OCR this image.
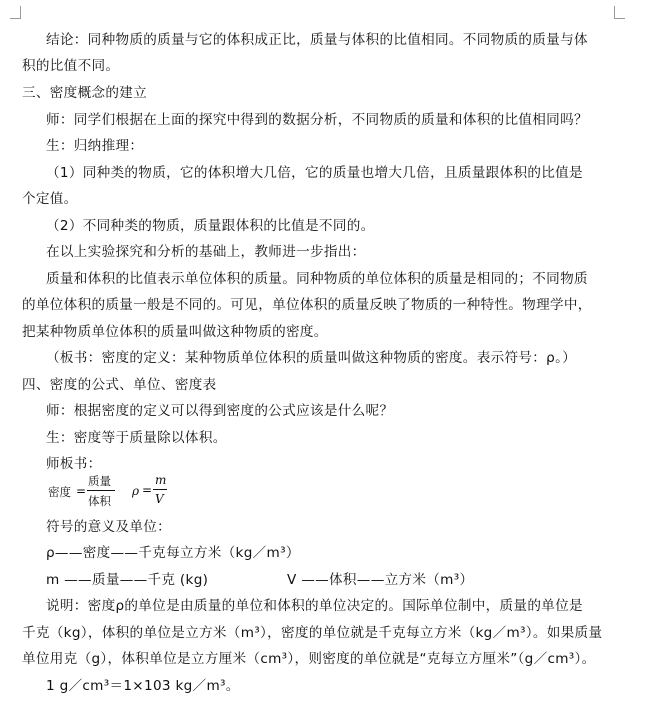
结论：同种物质的质量与它的体积成正比，质量与体积的比值相同。不同物质的质量与体
积的比值不同。
三、密度概念的建立
师：同学们根据在上面的探究中得到的数据分析，不同物质的质量和体积的比值相同吗？
生：归纳推理：
（1）同种类的物质，它的体积增大几倍，它的质量也增大几倍，且质量跟体积的比值是
个定值。
（2）不同种类的物质，质量跟体积的比值是不同的。
在以上实验探究和分析的基础上，教师进一步指出：
质量和体积的比值表示单位体积的质量。同种物质的单位体积的质量是相同的；不同物质
的单位体积的质量一般是不同的。可见，单位体积的质量反映了物质的一种特性。物理学中，
把某种物质单位体积的质量叫做这种物质的密度。
（板书：密度的定义：某种物质单位体积的质量叫做这种物质的密度。表示符号：ρ。）
四、密度的公式、单位、密度表
师：根据密度的定义可以得到密度的公式应该是什么呢？
生：密度等于质量除以体积。
师板书：
密度 =
质量
体积
ρ =
m
V
符号的意义及单位：
ρ——密度——千克每立方米（kg／m³）
m ——质量——千克 (kg)	V ——体积——立方米（m³）
说明：密度ρ的单位是由质量的单位和体积的单位决定的。国际单位制中，质量的单位是
千克（kg），体积的单位是立方米（m³），密度的单位就是千克每立方米（kg／m³）。如果质量
单位用克（g），体积单位是立方厘米（cm³），则密度的单位就是“克每立方厘米”（g／cm³）。
1 g／cm³＝1×103 kg／m³。
